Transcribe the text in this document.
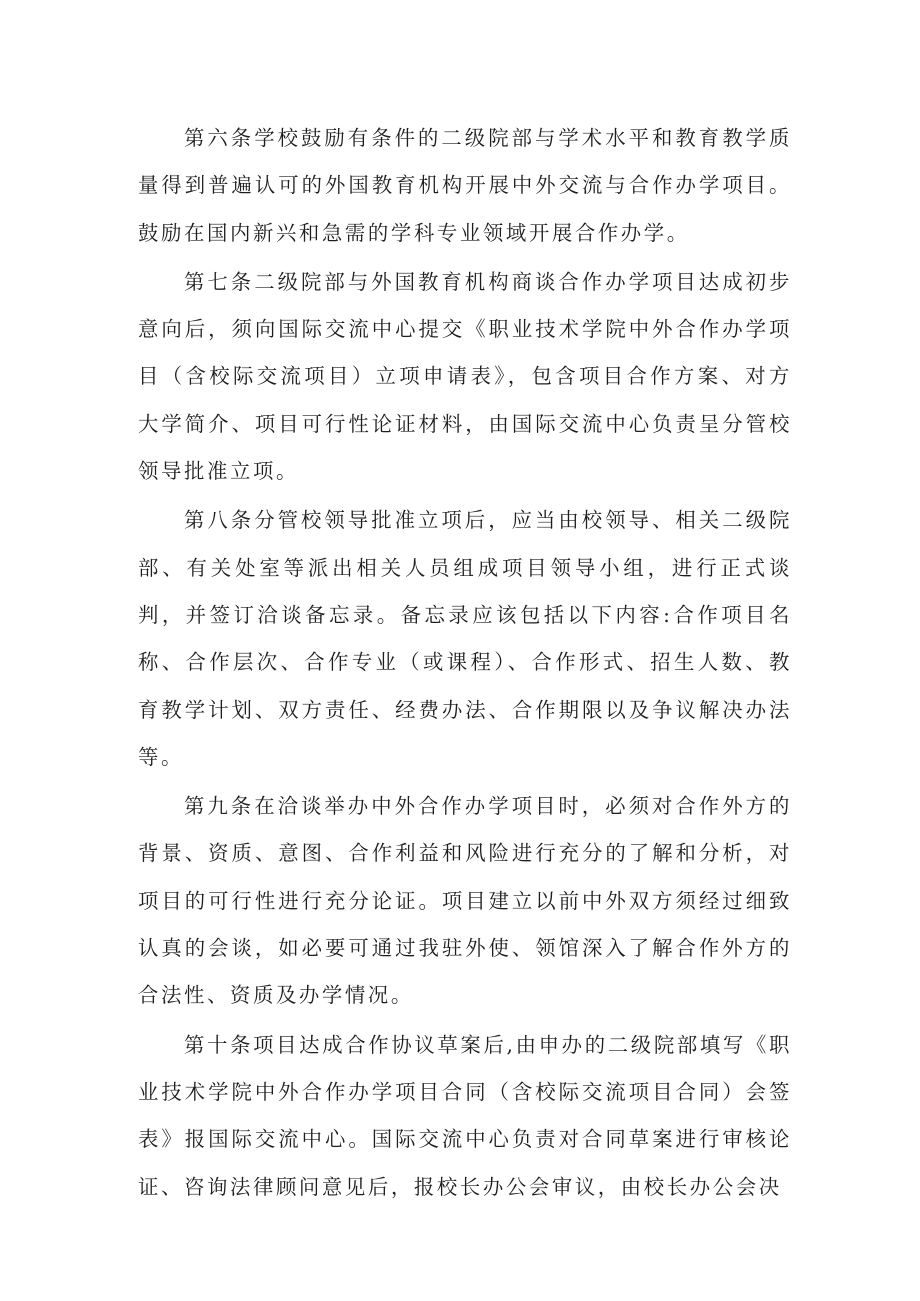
第六条学校鼓励有条件的二级院部与学术水平和教育教学质量得到普遍认可的外国教育机构开展中外交流与合作办学项目。鼓励在国内新兴和急需的学科专业领域开展合作办学。

第七条二级院部与外国教育机构商谈合作办学项目达成初步意向后，须向国际交流中心提交《职业技术学院中外合作办学项目（含校际交流项目）立项申请表》，包含项目合作方案、对方大学简介、项目可行性论证材料，由国际交流中心负责呈分管校领导批准立项。

第八条分管校领导批准立项后，应当由校领导、相关二级院部、有关处室等派出相关人员组成项目领导小组，进行正式谈判，并签订洽谈备忘录。备忘录应该包括以下内容:合作项目名称、合作层次、合作专业（或课程）、合作形式、招生人数、教育教学计划、双方责任、经费办法、合作期限以及争议解决办法等。

第九条在洽谈举办中外合作办学项目时，必须对合作外方的背景、资质、意图、合作利益和风险进行充分的了解和分析，对项目的可行性进行充分论证。项目建立以前中外双方须经过细致认真的会谈，如必要可通过我驻外使、领馆深入了解合作外方的合法性、资质及办学情况。

第十条项目达成合作协议草案后,由申办的二级院部填写《职业技术学院中外合作办学项目合同（含校际交流项目合同）会签表》报国际交流中心。国际交流中心负责对合同草案进行审核论证、咨询法律顾问意见后，报校长办公会审议，由校长办公会决
